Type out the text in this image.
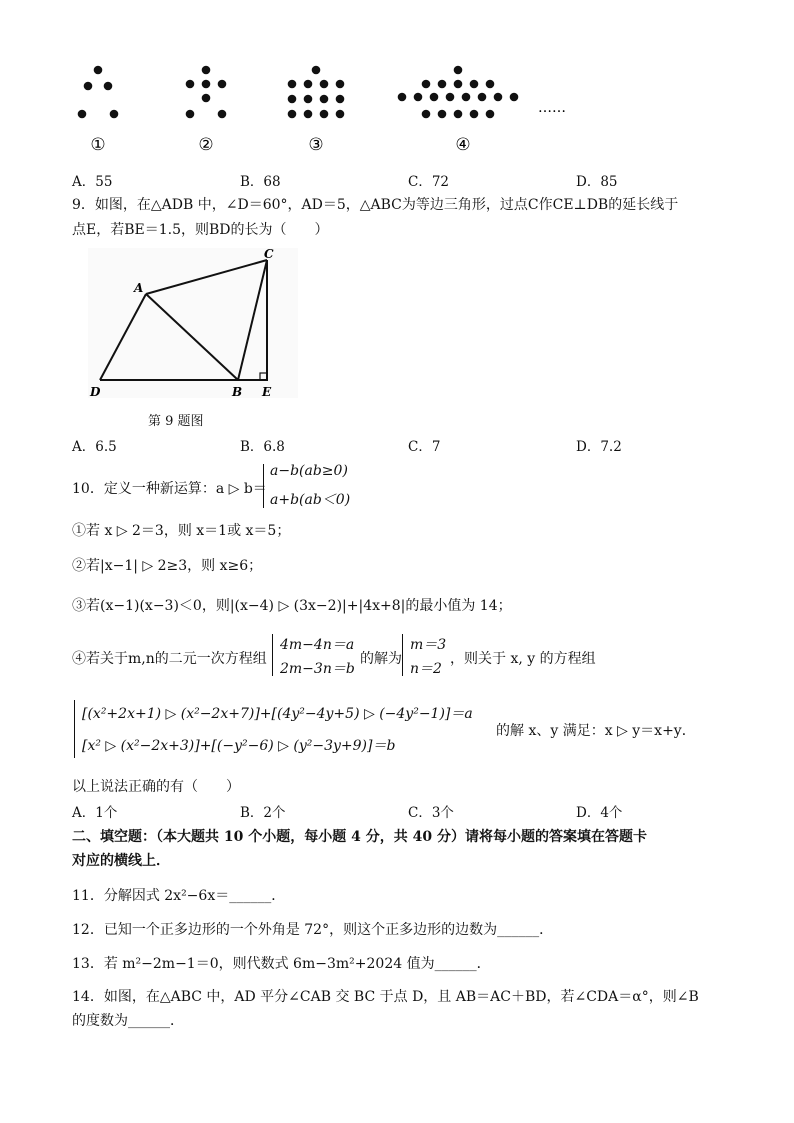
①	②	③	④
……
A．55	B．68	C．72	D．85
9．如图，在△ADB 中，∠D＝60°，AD＝5，△ABC为等边三角形，过点C作CE⊥DB的延长线于
点E，若BE＝1.5，则BD的长为（　　）
A
C
D	B E
第 9 题图
A．6.5	B．6.8	C．7	D．7.2
10．定义一种新运算：a ▷ b＝
a−b(ab≥0)
a+b(ab＜0)
①若 x ▷ 2＝3，则 x＝1或 x＝5；
②若|x−1| ▷ 2≥3，则 x≥6；
③若(x−1)(x−3)＜0，则|(x−4) ▷ (3x−2)|+|4x+8|的最小值为 14；
④若关于m,n的二元一次方程组
4m−4n＝a
2m−3n＝b
的解为
m＝3
n＝2
，则关于 x, y 的方程组
[(x²+2x+1) ▷ (x²−2x+7)]+[(4y²−4y+5) ▷ (−4y²−1)]＝a
[x² ▷ (x²−2x+3)]+[(−y²−6) ▷ (y²−3y+9)]＝b
的解 x、y 满足：x ▷ y＝x+y．
以上说法正确的有（　　）
A．1个	B．2个	C．3个	D．4个
二、填空题：（本大题共 10 个小题，每小题 4 分，共 40 分）请将每小题的答案填在答题卡
对应的横线上．
11．分解因式 2x²−6x＝______．
12．已知一个正多边形的一个外角是 72°，则这个正多边形的边数为______．
13．若 m²−2m−1＝0，则代数式 6m−3m²+2024 值为______．
14．如图，在△ABC 中，AD 平分∠CAB 交 BC 于点 D，且 AB＝AC＋BD，若∠CDA＝α°，则∠B
的度数为______．
